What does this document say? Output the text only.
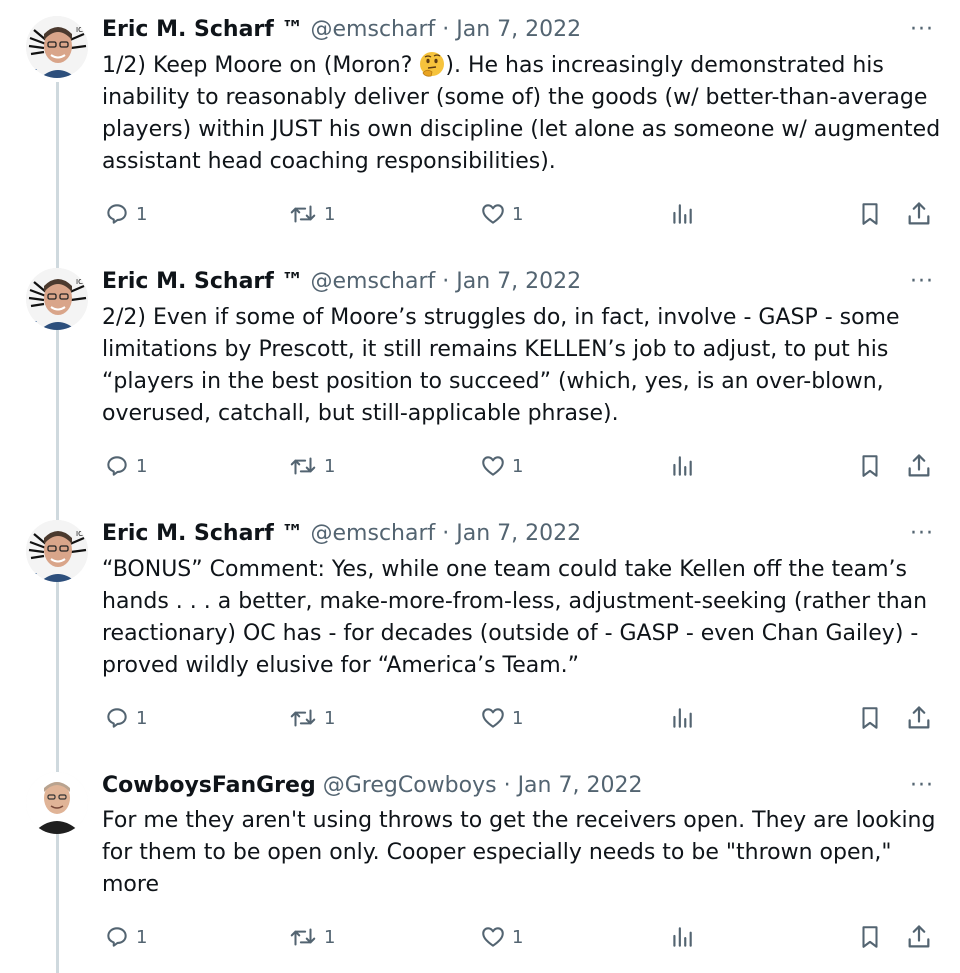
RE
IC Eric M. Scharf ™ @emscharf · Jan 7, 2022	···
1/2) Keep Moore on (Moron? ). He has increasingly demonstrated his inability to reasonably deliver (some of) the goods (w/ better-than-average players) within JUST his own discipline (let alone as someone w/ augmented assistant head coaching responsibilities).
1	1	1
RE
IC Eric M. Scharf ™ @emscharf · Jan 7, 2022	···
2/2) Even if some of Moore’s struggles do, in fact, involve - GASP - some limitations by Prescott, it still remains KELLEN’s job to adjust, to put his “players in the best position to succeed” (which, yes, is an over-blown, overused, catchall, but still-applicable phrase).
1	1	1
RE
IC Eric M. Scharf ™ @emscharf · Jan 7, 2022	···
“BONUS” Comment: Yes, while one team could take Kellen off the team’s hands . . . a better, make-more-from-less, adjustment-seeking (rather than reactionary) OC has - for decades (outside of - GASP - even Chan Gailey) - proved wildly elusive for “America’s Team.”
1	1	1
CowboysFanGreg @GregCowboys · Jan 7, 2022	···
For me they aren't using throws to get the receivers open. They are looking for them to be open only. Cooper especially needs to be "thrown open," more
1	1	1
